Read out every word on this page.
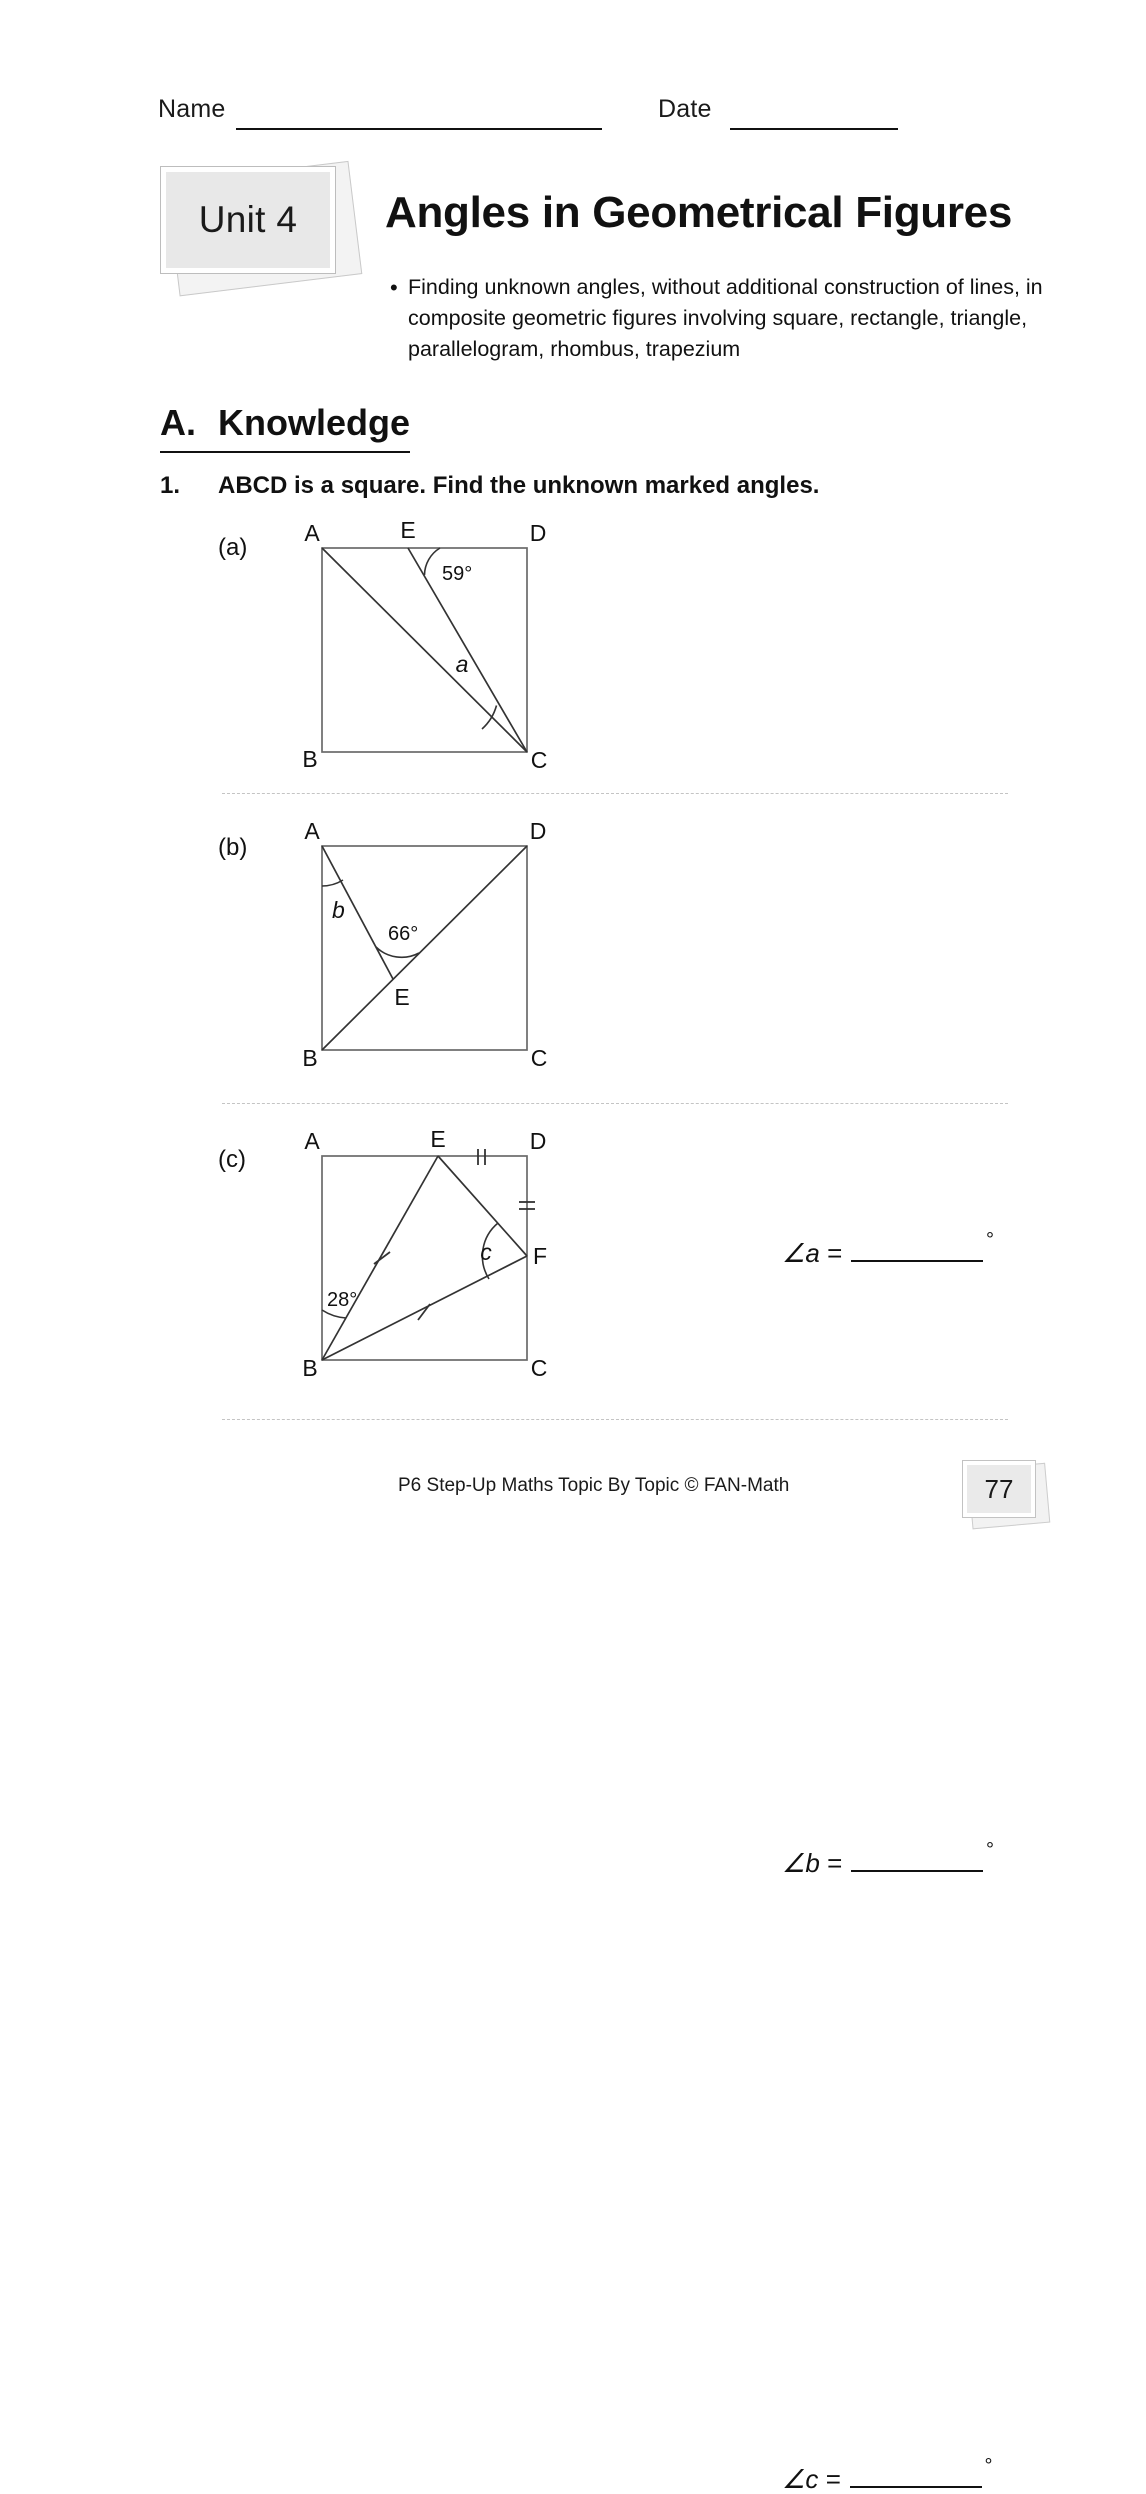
Name	Date
Unit 4 Angles in Geometrical Figures
• Finding unknown angles, without additional construction of lines, in composite geometric figures involving square, rectangle, triangle, parallelogram, rhombus, trapezium
A. Knowledge
1.	ABCD is a square. Find the unknown marked angles.
(a)
A	E	D
B	C
59°
a
∠ a =	°
(b)
A	D
B	C
E
b
66°
∠ b =	°
(c)
A	E	D
F
B	C
28°
c
∠ c =	°
P6 Step-Up Maths Topic By Topic © FAN-Math	77
